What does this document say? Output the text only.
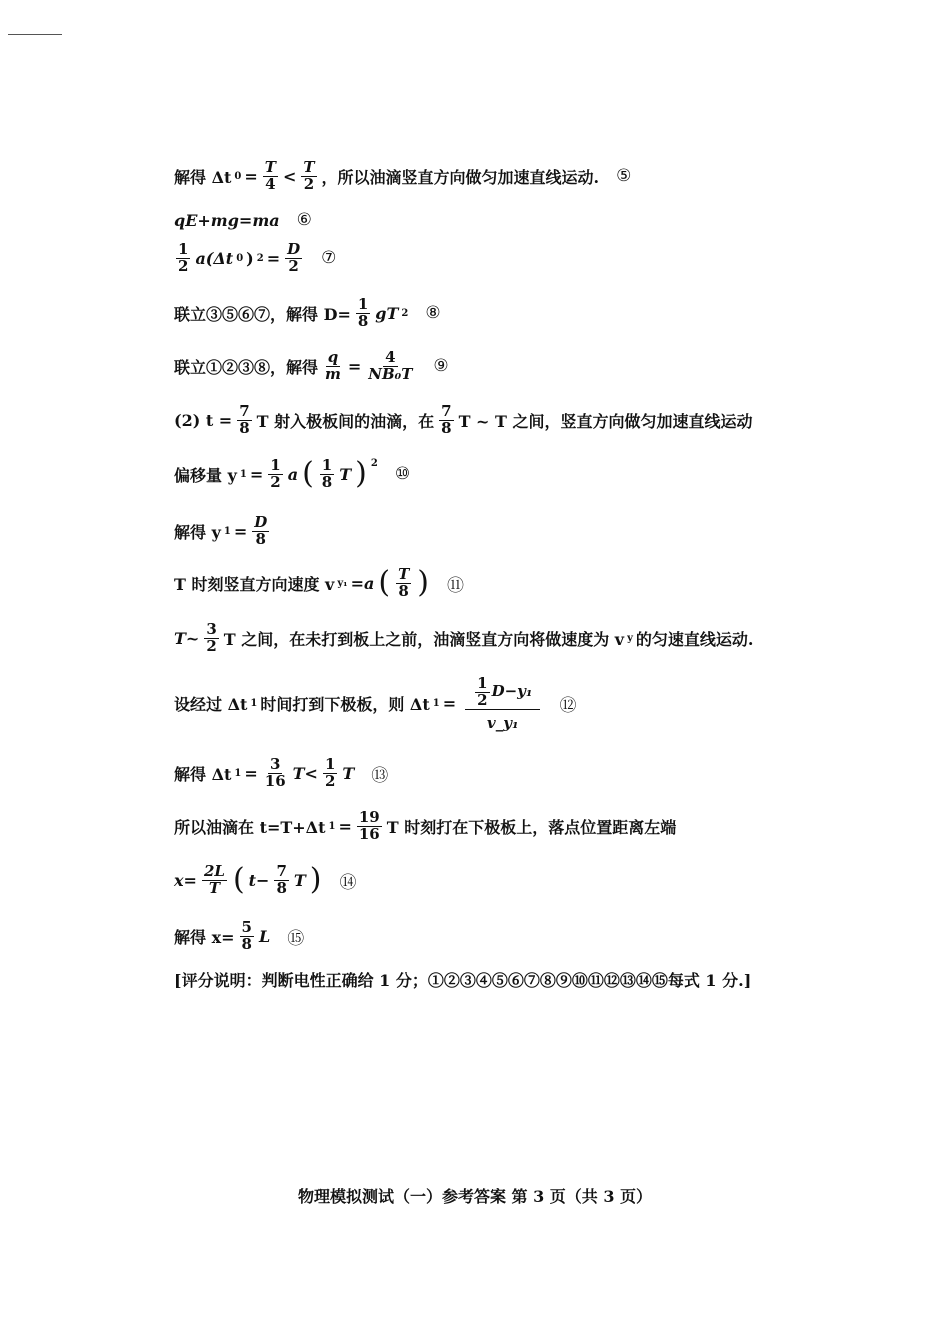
解得 Δt $0 = \frac{T}{4} < \frac{T}{2}$ ，所以油滴竖直方向做匀加速直线运动. ⑤
qE+mg=ma ⑥
$\frac{1}{2} a(\Delta t$ 0 ) $2 = \frac{D}{2}$ ⑦
联立③⑤⑥⑦，解得 $D= \frac{1}{8}$ gT 2 ⑧
联立①②③⑧，解得 $\frac{q}{m} = \frac{4}{\text{NB₀T}}$ ⑨
(2) $t = \frac{7}{8}$ T 射入极板间的油滴，在 $\frac{7}{8}$ T ~ T 之间，竖直方向做匀加速直线运动
偏移量 y $1 = \frac{1}{2}$ a ( $\frac{1}{8}$ T ) 2
⑩
解得 y $1 = \frac{D}{8}$
T 时刻竖直方向速度 v y₁ =a ( $\frac{T}{8}$ ) ⑪
T~ $\frac{3}{2}$ T 之间，在未打到板上之前，油滴竖直方向将做速度为 v y 的匀速直线运动.
设经过 Δt 1 时间打到下极板，则 Δt $1 = \frac{\frac{1}{2} D-y_1}{\text{v\_y₁}}$ ⑫
解得 Δt $1 = \frac{3}{16} T< \frac{1}{2}$ T ⑬
所以油滴在 t=T+Δt $1 = \frac{19}{16}$ T 时刻打在下极板上，落点位置距离左端
$x= \frac{2L}{T}$ ( $t- \frac{7}{8}$ T ) ⑭
解得 $x= \frac{5}{8}$ L ⑮
[评分说明：判断电性正确给 1 分；①②③④⑤⑥⑦⑧⑨⑩⑪⑫⑬⑭⑮每式 1 分.]
物理模拟测试（一）参考答案 第 3 页（共 3 页）
